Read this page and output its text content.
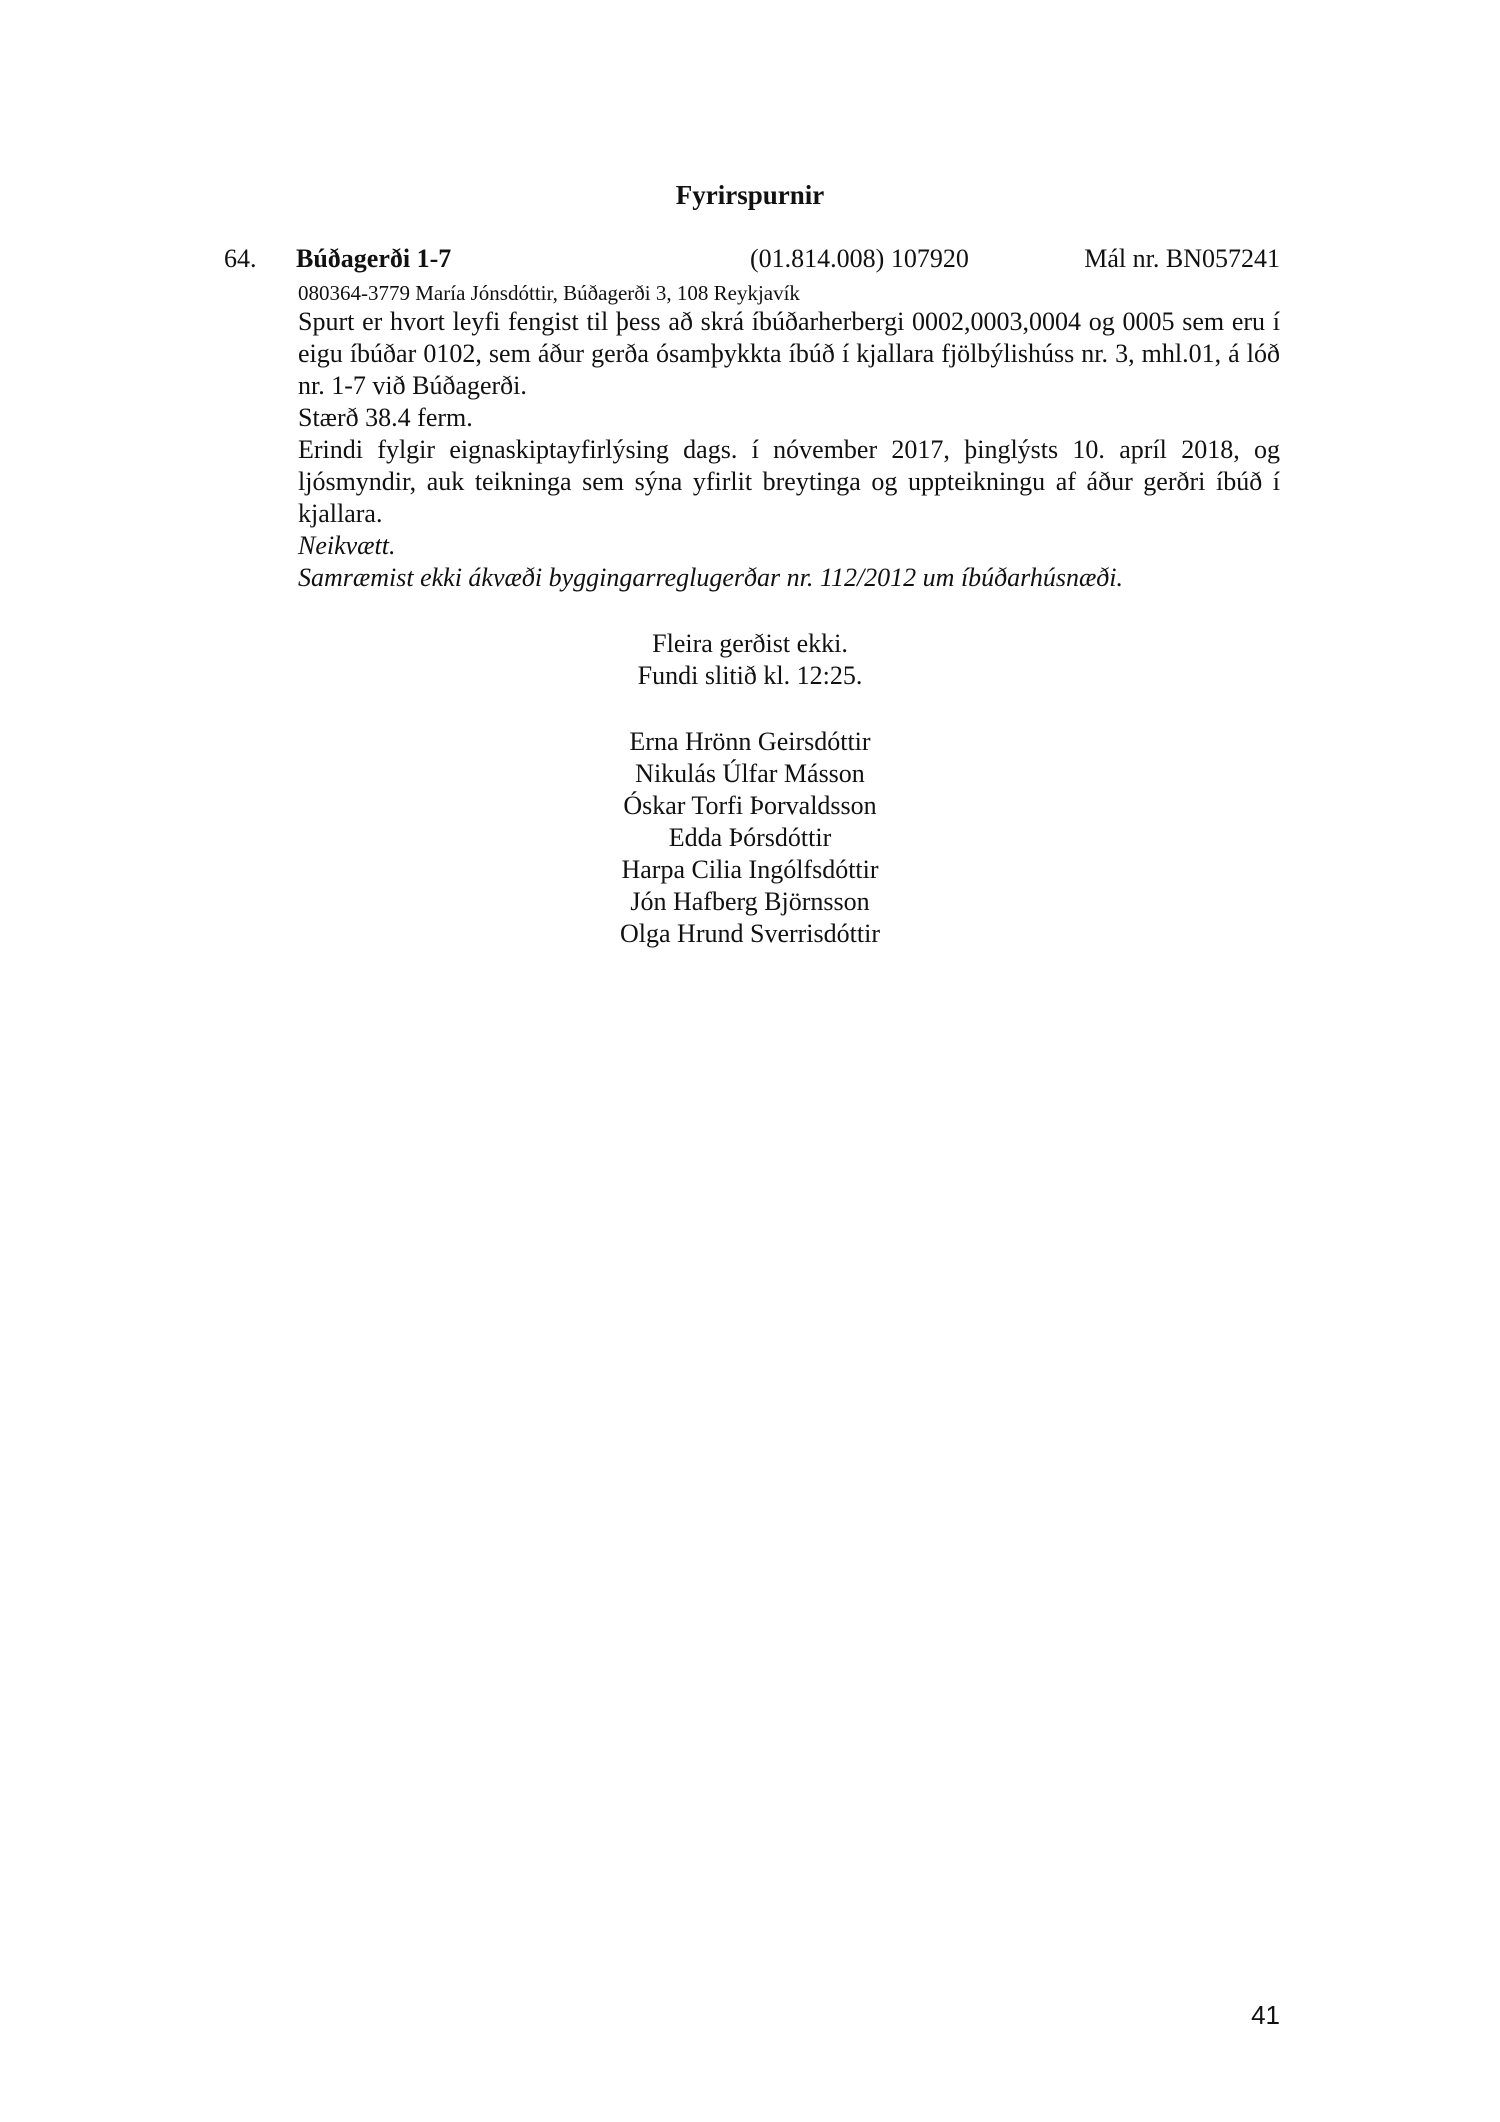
Fyrirspurnir
64. Búðagerði 1-7	(01.814.008) 107920	Mál nr. BN057241
080364-3779 María Jónsdóttir, Búðagerði 3, 108 Reykjavík

Spurt er hvort leyfi fengist til þess að skrá íbúðarherbergi 0002,0003,0004 og 0005 sem eru í eigu íbúðar 0102, sem áður gerða ósamþykkta íbúð í kjallara fjölbýlishúss nr. 3, mhl.01, á lóð nr. 1-7 við Búðagerði.

Stærð 38.4 ferm.

Erindi fylgir eignaskiptayfirlýsing dags. í nóvember 2017, þinglýsts 10. apríl 2018, og ljósmyndir, auk teikninga sem sýna yfirlit breytinga og uppteikningu af áður gerðri íbúð í kjallara.

Neikvætt.

Samræmist ekki ákvæði byggingarreglugerðar nr. 112/2012 um íbúðarhúsnæði.

Fleira gerðist ekki.
Fundi slitið kl. 12:25.
Erna Hrönn Geirsdóttir
Nikulás Úlfar Másson
Óskar Torfi Þorvaldsson
Edda Þórsdóttir
Harpa Cilia Ingólfsdóttir
Jón Hafberg Björnsson
Olga Hrund Sverrisdóttir
41
